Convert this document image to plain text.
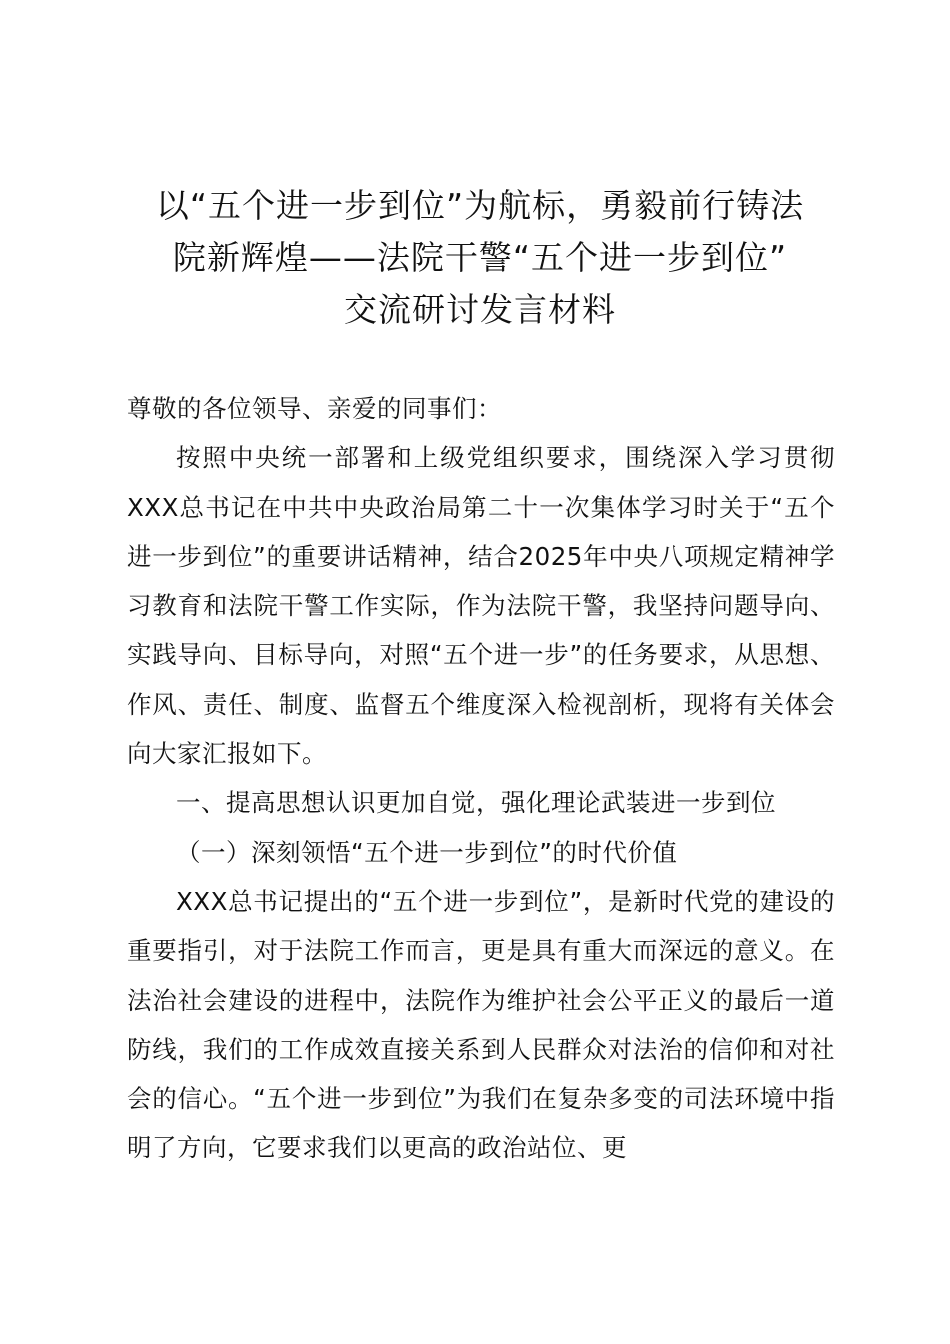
以“五个进一步到位”为航标，勇毅前行铸法
院新辉煌——法院干警“五个进一步到位”
交流研讨发言材料

尊敬的各位领导、亲爱的同事们：

按照中央统一部署和上级党组织要求，围绕深入学习贯彻XXX总书记在中共中央政治局第二十一次集体学习时关于“五个进一步到位”的重要讲话精神，结合2025年中央八项规定精神学习教育和法院干警工作实际，作为法院干警，我坚持问题导向、实践导向、目标导向，对照“五个进一步”的任务要求，从思想、作风、责任、制度、监督五个维度深入检视剖析，现将有关体会向大家汇报如下。

一、提高思想认识更加自觉，强化理论武装进一步到位

（一）深刻领悟“五个进一步到位”的时代价值

XXX总书记提出的“五个进一步到位”，是新时代党的建设的重要指引，对于法院工作而言，更是具有重大而深远的意义。在法治社会建设的进程中，法院作为维护社会公平正义的最后一道防线，我们的工作成效直接关系到人民群众对法治的信仰和对社会的信心。“五个进一步到位”为我们在复杂多变的司法环境中指明了方向，它要求我们以更高的政治站位、更
